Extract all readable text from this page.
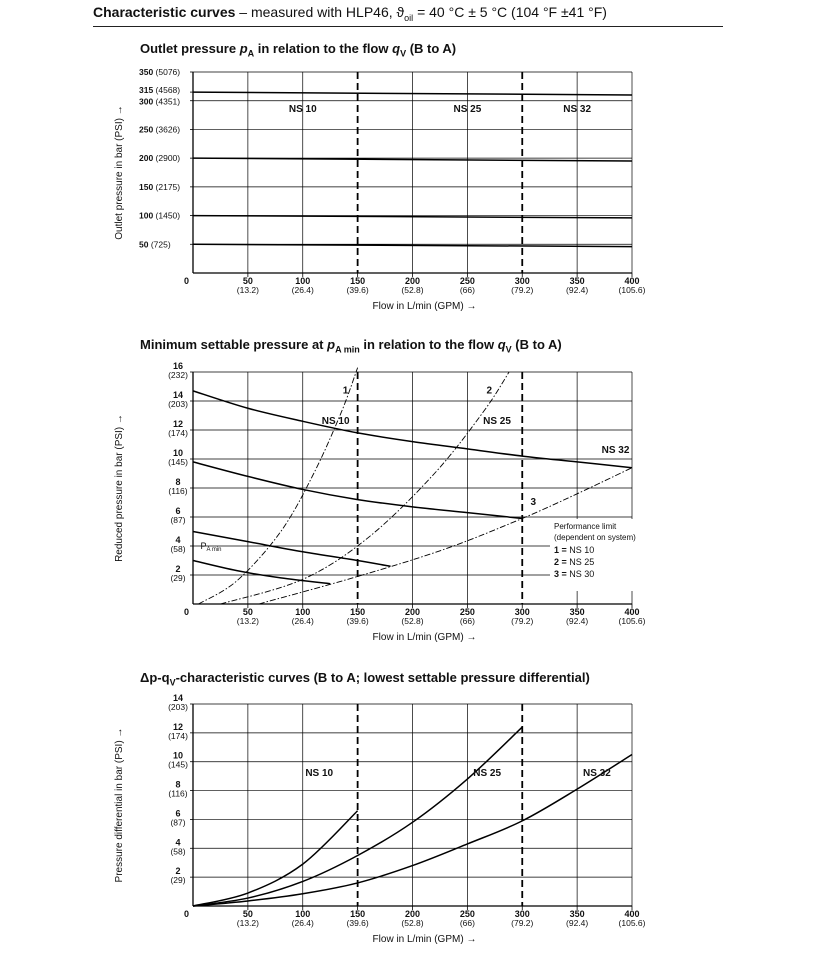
Characteristic curves – measured with HLP46, $ϑ_{oil} = 40$ °C ± 5 °C (104 °F ±41 °F)
Outlet pressure $p_A$ in relation to the flow $q_V$ (B to A)
0	50
(13.2)
100
(26.4)
150
(39.6)
200
(52.8)
250
(66)
300
(79.2)
350
(92.4)
400
(105.6)
50 (725)
100 (1450)
150 (2175)
200 (2900)
250 (3626)
300 (4351)
315 (4568)
350 (5076)
Flow in L/min (GPM) →
Outlet pressure in bar (PSI) →	NS 10	NS 25	NS 32
Minimum settable pressure at $p_{A min}$ in relation to the flow $q_V$ (B to A)
0	50
(13.2)
100
(26.4)
150
(39.6)
200
(52.8)
250
(66)
300
(79.2)
350
(92.4)
400
(105.6)
2
(29)
4
(58)
6
(87)
8
(116)
10
(145)
12
(174)
14
(203)
16
(232)
Flow in L/min (GPM) →
Reduced pressure in bar (PSI) →	NS 10	NS 25
NS 32
1	2
3
$P_{A min}$
Performance limit
(dependent on system)
1 = NS 10
2 = NS 25
3 = NS 30
$\Delta p-q_V$-characteristic curves (B to A; lowest settable pressure differential)
0	50
(13.2)
100
(26.4)
150
(39.6)
200
(52.8)
250
(66)
300
(79.2)
350
(92.4)
400
(105.6)
2
(29)
4
(58)
6
(87)
8
(116)
10
(145)
12
(174)
14
(203)
Flow in L/min (GPM) →
Pressure differential in bar (PSI) →	NS 10	NS 25	NS 32
